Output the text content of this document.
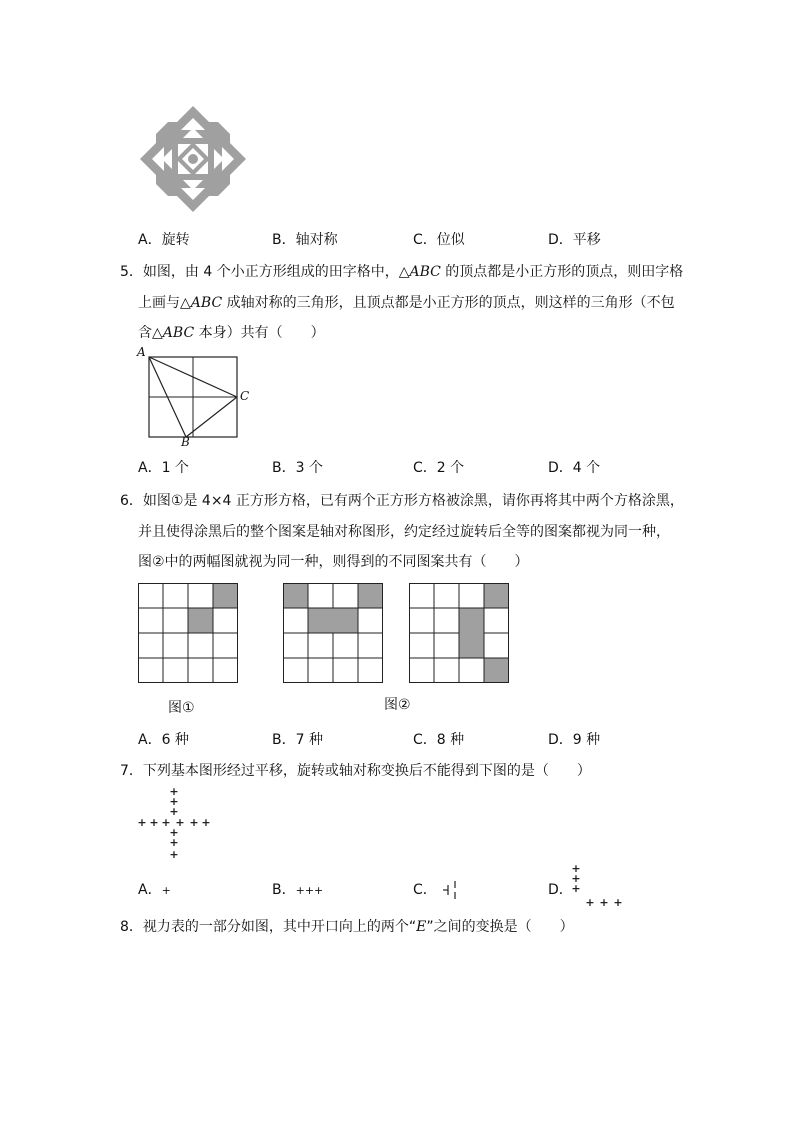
A．旋转	B．轴对称	C．位似	D．平移
5．如图，由 4 个小正方形组成的田字格中，△ABC 的顶点都是小正方形的顶点，则田字格
上画与△ABC 成轴对称的三角形，且顶点都是小正方形的顶点，则这样的三角形（不包
含△ABC 本身）共有（　　）
A
B
C
A．1 个	B．3 个	C．2 个	D．4 个
6．如图①是 4×4 正方形方格，已有两个正方形方格被涂黑，请你再将其中两个方格涂黑，
并且使得涂黑后的整个图案是轴对称图形，约定经过旋转后全等的图案都视为同一种，
图②中的两幅图就视为同一种，则得到的不同图案共有（　　）
图①	图②
A．6 种	B．7 种	C．8 种	D．9 种
7．下列基本图形经过平移，旋转或轴对称变换后不能得到下图的是（　　）
+
+
+
+ + + + + +
+
+
+
A．+	B．+++	C．	D．
+
+
+
+ + +
8．视力表的一部分如图，其中开口向上的两个“E”之间的变换是（　　）
